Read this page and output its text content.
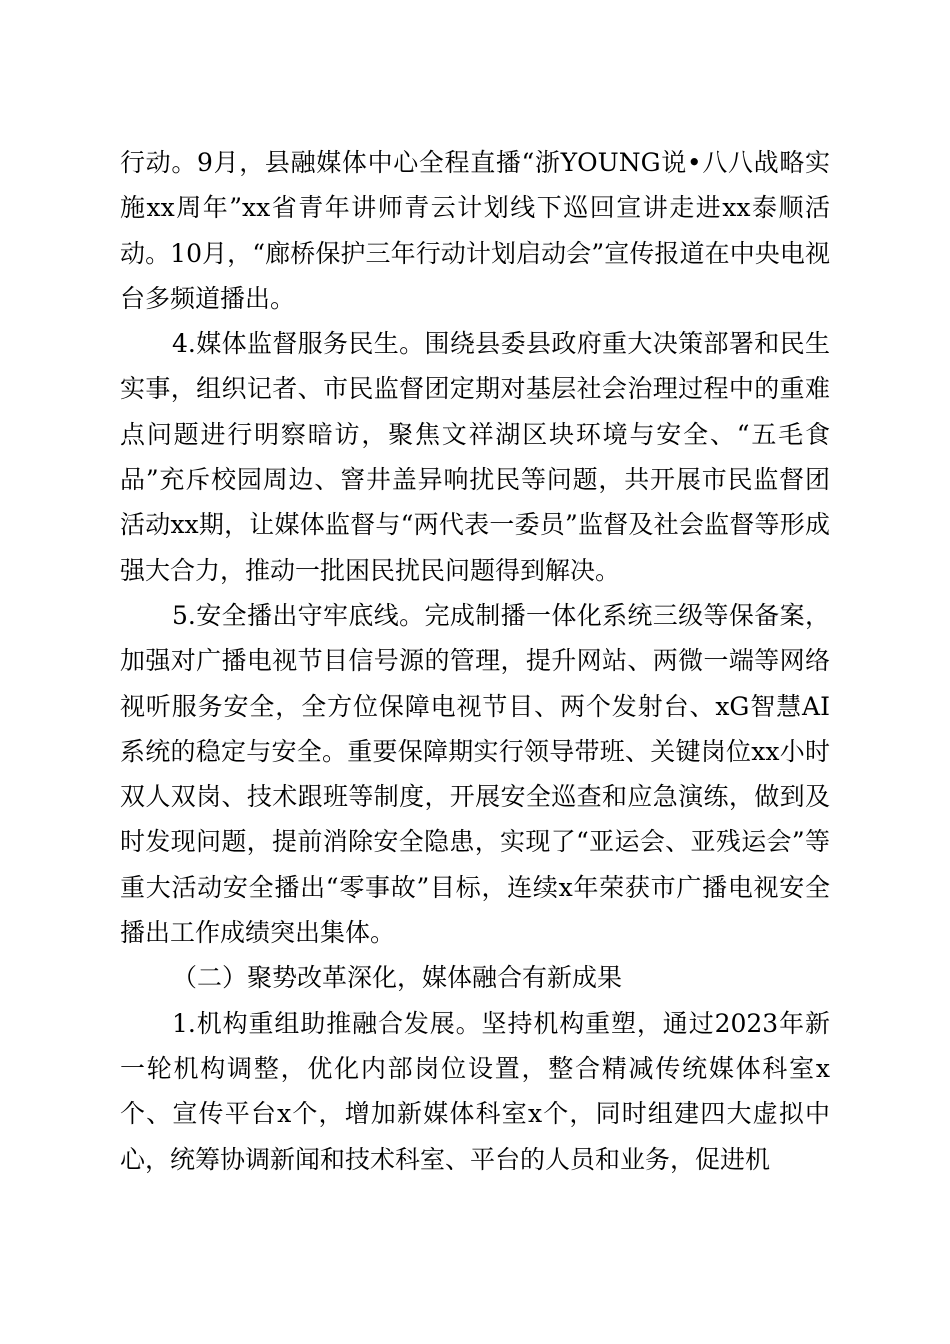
行动。9月，县融媒体中心全程直播“浙YOUNG说•八八战略实施xx周年”xx省青年讲师青云计划线下巡回宣讲走进xx泰顺活动。10月，“廊桥保护三年行动计划启动会”宣传报道在中央电视台多频道播出。

4.媒体监督服务民生。围绕县委县政府重大决策部署和民生实事，组织记者、市民监督团定期对基层社会治理过程中的重难点问题进行明察暗访，聚焦文祥湖区块环境与安全、“五毛食品”充斥校园周边、窨井盖异响扰民等问题，共开展市民监督团活动xx期，让媒体监督与“两代表一委员”监督及社会监督等形成强大合力，推动一批困民扰民问题得到解决。

5.安全播出守牢底线。完成制播一体化系统三级等保备案，加强对广播电视节目信号源的管理，提升网站、两微一端等网络视听服务安全，全方位保障电视节目、两个发射台、xG智慧AI系统的稳定与安全。重要保障期实行领导带班、关键岗位xx小时双人双岗、技术跟班等制度，开展安全巡查和应急演练，做到及时发现问题，提前消除安全隐患，实现了“亚运会、亚残运会”等重大活动安全播出“零事故”目标，连续x年荣获市广播电视安全播出工作成绩突出集体。

（二）聚势改革深化，媒体融合有新成果

1.机构重组助推融合发展。坚持机构重塑，通过2023年新一轮机构调整，优化内部岗位设置，整合精减传统媒体科室x个、宣传平台x个，增加新媒体科室x个，同时组建四大虚拟中心，统筹协调新闻和技术科室、平台的人员和业务，促进机
